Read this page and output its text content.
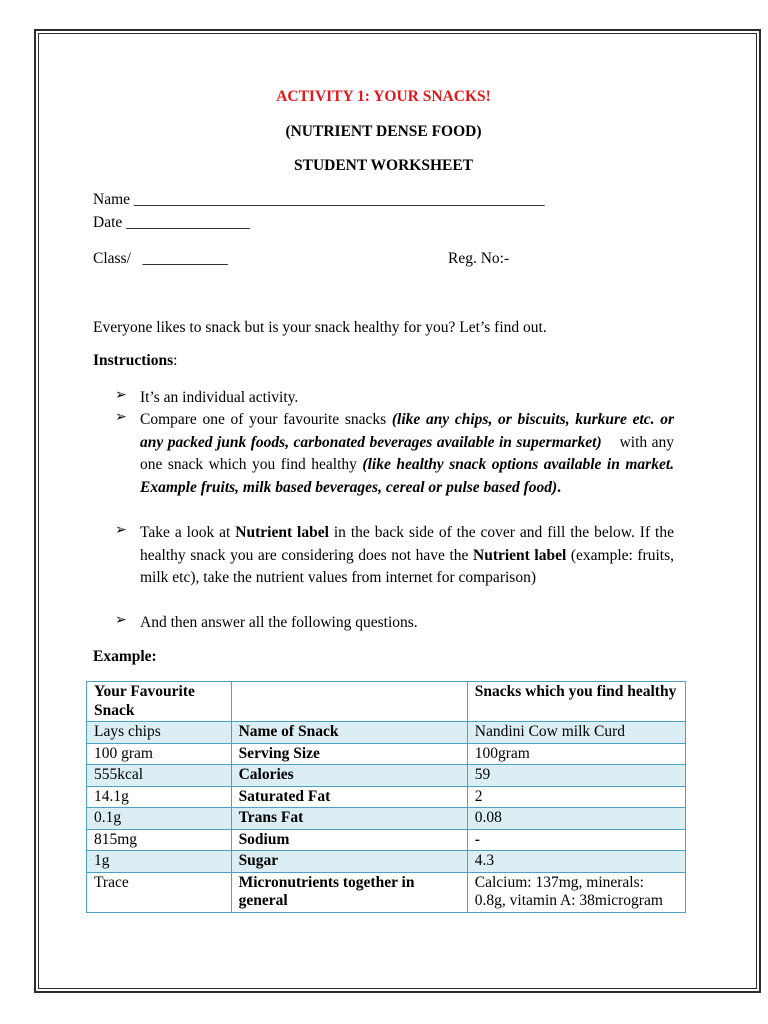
ACTIVITY 1: YOUR SNACKS!
(NUTRIENT DENSE FOOD)
STUDENT WORKSHEET
Name _____________________________________________________
Date ________________
Class/ ___________	Reg. No:-
Everyone likes to snack but is your snack healthy for you? Let’s find out.
Instructions:
➢ It’s an individual activity.
➢ Compare one of your favourite snacks (like any chips, or biscuits, kurkure etc. or any packed junk foods, carbonated beverages available in supermarket) with any one snack which you find healthy (like healthy snack options available in market. Example fruits, milk based beverages, cereal or pulse based food).
➢ Take a look at Nutrient label in the back side of the cover and fill the below. If the healthy snack you are considering does not have the Nutrient label (example: fruits, milk etc), take the nutrient values from internet for comparison)
➢ And then answer all the following questions.
Example:
Your Favourite Snack		Snacks which you find healthy
Lays chips	Name of Snack	Nandini Cow milk Curd
100 gram	Serving Size	100gram
555kcal	Calories	59
14.1g	Saturated Fat	2
0.1g	Trans Fat	0.08
815mg	Sodium	-
1g	Sugar	4.3
Trace	Micronutrients together in general	Calcium: 137mg, minerals: 0.8g, vitamin A: 38microgram
